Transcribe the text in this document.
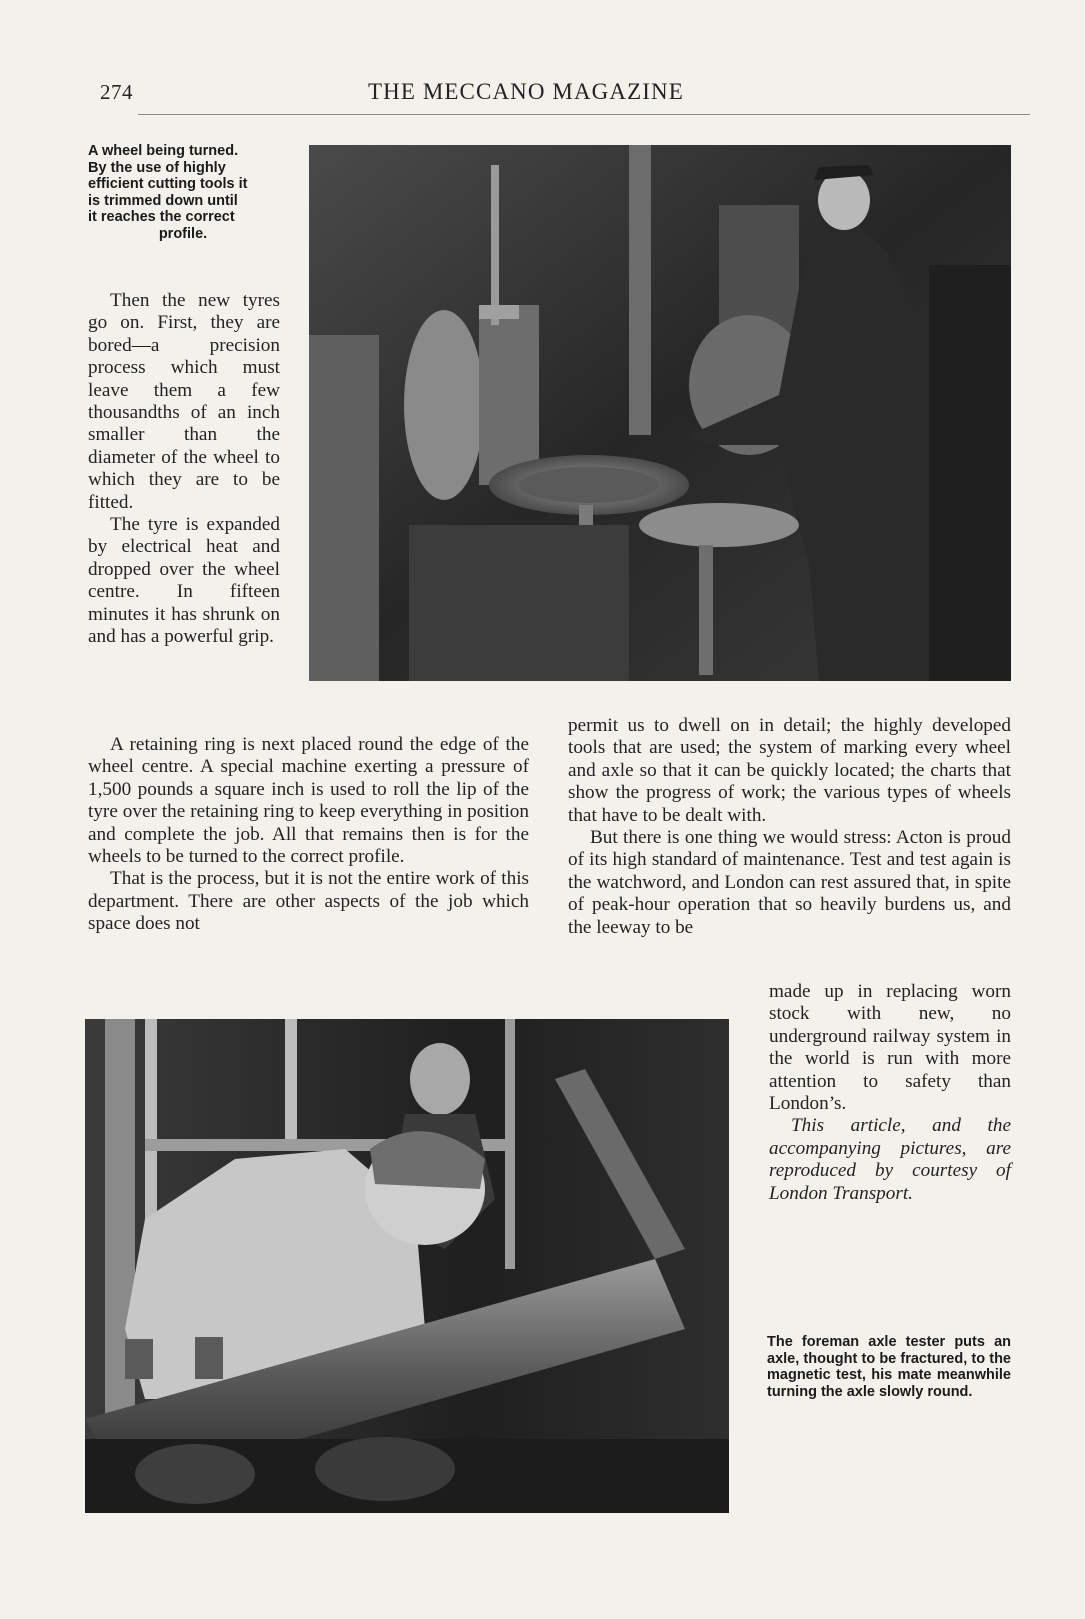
274	THE MECCANO MAGAZINE
A wheel being turned.
By the use of highly
efficient cutting tools it
is trimmed down until
it reaches the correct
profile.

Then the new tyres go on. First, they are bored—a precision process which must leave them a few thousandths of an inch smaller than the diameter of the wheel to which they are to be fitted.

The tyre is expanded by electrical heat and dropped over the wheel centre. In fifteen minutes it has shrunk on and has a powerful grip.

A retaining ring is next placed round the edge of the wheel centre. A special machine exerting a pressure of 1,500 pounds a square inch is used to roll the lip of the tyre over the retaining ring to keep everything in position and complete the job. All that remains then is for the wheels to be turned to the correct profile.

That is the process, but it is not the entire work of this department. There are other aspects of the job which space does not

permit us to dwell on in detail; the highly developed tools that are used; the system of marking every wheel and axle so that it can be quickly located; the charts that show the progress of work; the various types of wheels that have to be dealt with.

But there is one thing we would stress: Acton is proud of its high standard of maintenance. Test and test again is the watchword, and London can rest assured that, in spite of peak-hour operation that so heavily burdens us, and the leeway to be

made up in replacing worn stock with new, no underground railway system in the world is run with more attention to safety than London’s.

This article, and the accompanying pictures, are reproduced by courtesy of London Transport.

The foreman axle tester puts an axle, thought to be fractured, to the magnetic test, his mate meanwhile turning the axle slowly round.
